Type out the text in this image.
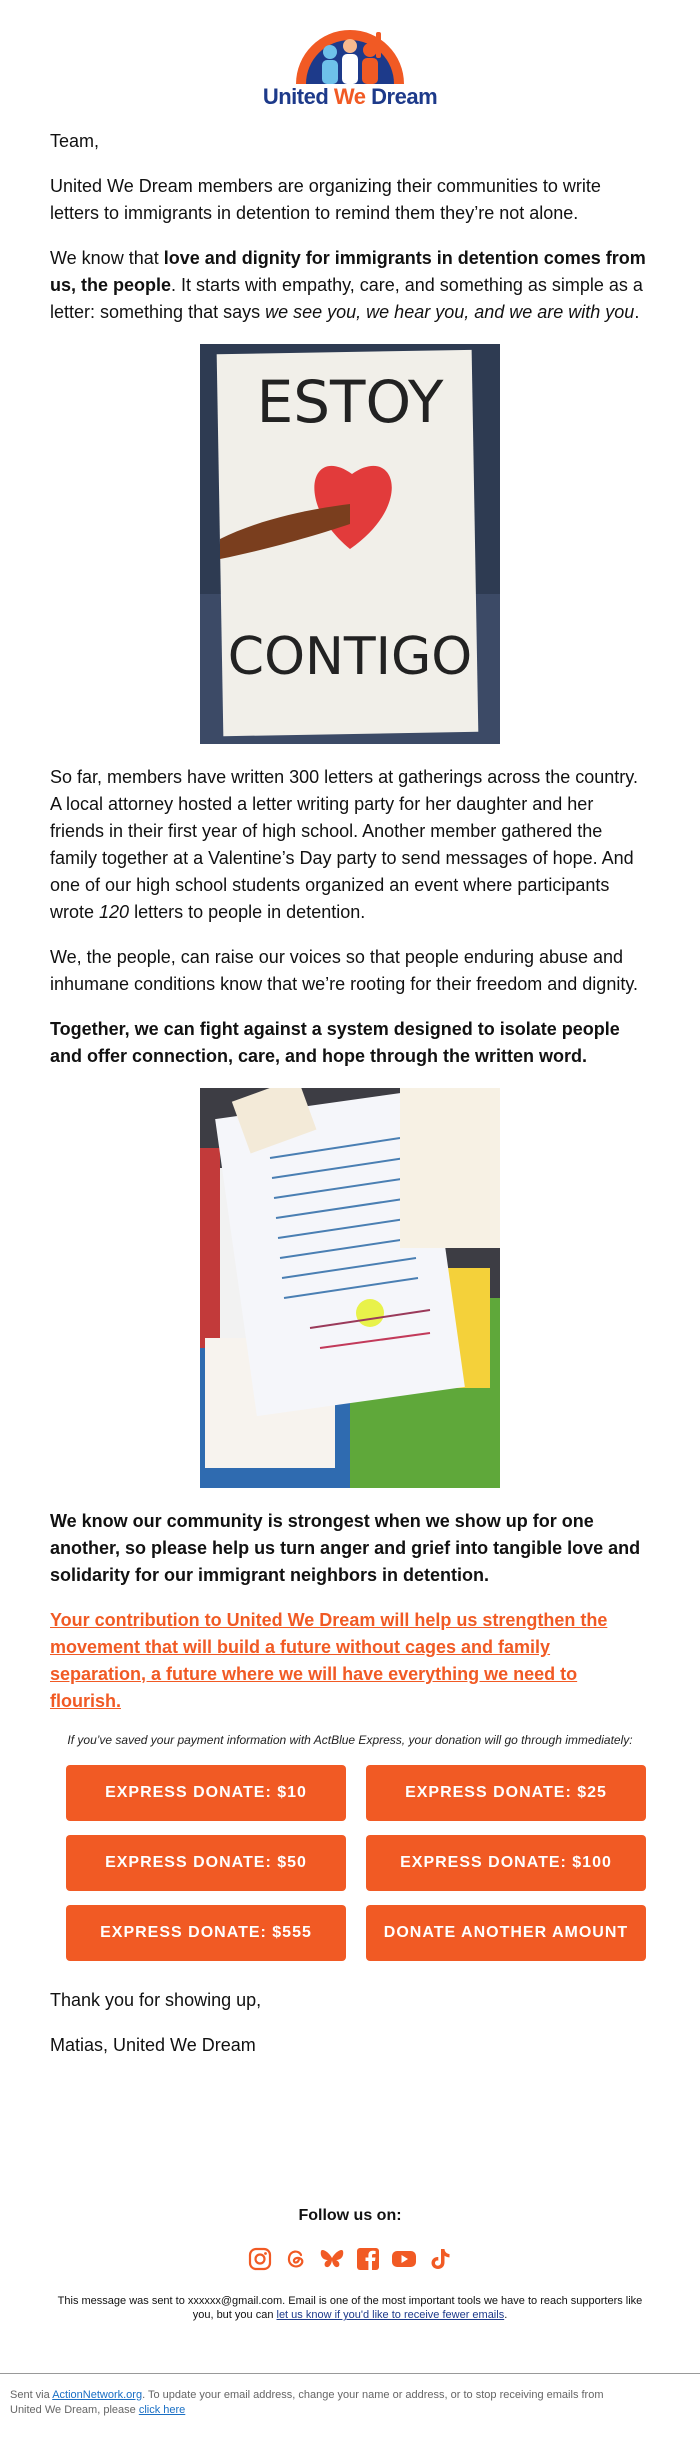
United We Dream

Team,

United We Dream members are organizing their communities to write letters to immigrants in detention to remind them they’re not alone.

We know that love and dignity for immigrants in detention comes from us, the people. It starts with empathy, care, and something as simple as a letter: something that says we see you, we hear you, and we are with you.

ESTOY
CONTIGO

So far, members have written 300 letters at gatherings across the country. A local attorney hosted a letter writing party for her daughter and her friends in their first year of high school. Another member gathered the family together at a Valentine’s Day party to send messages of hope. And one of our high school students organized an event where participants wrote 120 letters to people in detention.

We, the people, can raise our voices so that people enduring abuse and inhumane conditions know that we’re rooting for their freedom and dignity.

Together, we can fight against a system designed to isolate people and offer connection, care, and hope through the written word.

We know our community is strongest when we show up for one another, so please help us turn anger and grief into tangible love and solidarity for our immigrant neighbors in detention.

Your contribution to United We Dream will help us strengthen the movement that will build a future without cages and family separation, a future where we will have everything we need to flourish.

If you’ve saved your payment information with ActBlue Express, your donation will go through immediately:

EXPRESS DONATE: $10	EXPRESS DONATE: $25
EXPRESS DONATE: $50	EXPRESS DONATE: $100
EXPRESS DONATE: $555	DONATE ANOTHER AMOUNT

Thank you for showing up,

Matias, United We Dream

Follow us on:
This message was sent to xxxxxx@gmail.com. Email is one of the most important tools we have to reach supporters like you, but you can let us know if you'd like to receive fewer emails.
Sent via ActionNetwork.org. To update your email address, change your name or address, or to stop receiving emails from United We Dream, please click here
